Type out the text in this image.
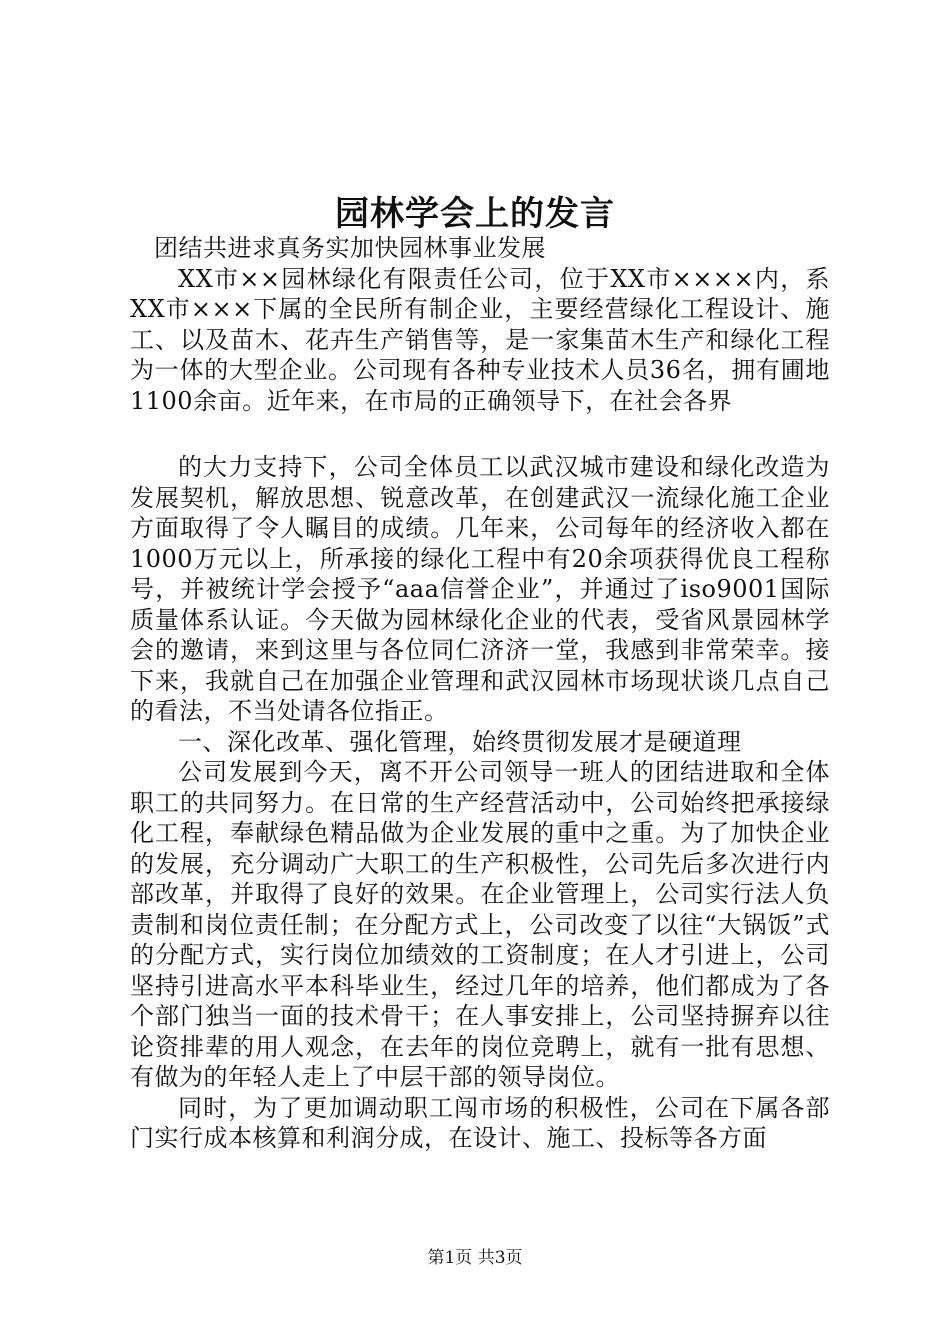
园林学会上的发言

团结共进求真务实加快园林事业发展

XX市××园林绿化有限责任公司，位于XX市××××内，系XX市×××下属的全民所有制企业，主要经营绿化工程设计、施工、以及苗木、花卉生产销售等，是一家集苗木生产和绿化工程为一体的大型企业。公司现有各种专业技术人员36名，拥有圃地1100余亩。近年来，在市局的正确领导下，在社会各界

的大力支持下，公司全体员工以武汉城市建设和绿化改造为发展契机，解放思想、锐意改革，在创建武汉一流绿化施工企业方面取得了令人瞩目的成绩。几年来，公司每年的经济收入都在1000万元以上，所承接的绿化工程中有20余项获得优良工程称号，并被统计学会授予“aaa信誉企业”，并通过了iso9001国际质量体系认证。今天做为园林绿化企业的代表，受省风景园林学会的邀请，来到这里与各位同仁济济一堂，我感到非常荣幸。接下来，我就自己在加强企业管理和武汉园林市场现状谈几点自己的看法，不当处请各位指正。

一、深化改革、强化管理，始终贯彻发展才是硬道理

公司发展到今天，离不开公司领导一班人的团结进取和全体职工的共同努力。在日常的生产经营活动中，公司始终把承接绿化工程，奉献绿色精品做为企业发展的重中之重。为了加快企业的发展，充分调动广大职工的生产积极性，公司先后多次进行内部改革，并取得了良好的效果。在企业管理上，公司实行法人负责制和岗位责任制；在分配方式上，公司改变了以往“大锅饭”式的分配方式，实行岗位加绩效的工资制度；在人才引进上，公司坚持引进高水平本科毕业生，经过几年的培养，他们都成为了各个部门独当一面的技术骨干；在人事安排上，公司坚持摒弃以往论资排辈的用人观念，在去年的岗位竞聘上，就有一批有思想、有做为的年轻人走上了中层干部的领导岗位。

同时，为了更加调动职工闯市场的积极性，公司在下属各部门实行成本核算和利润分成，在设计、施工、投标等各方面

第1页 共3页
